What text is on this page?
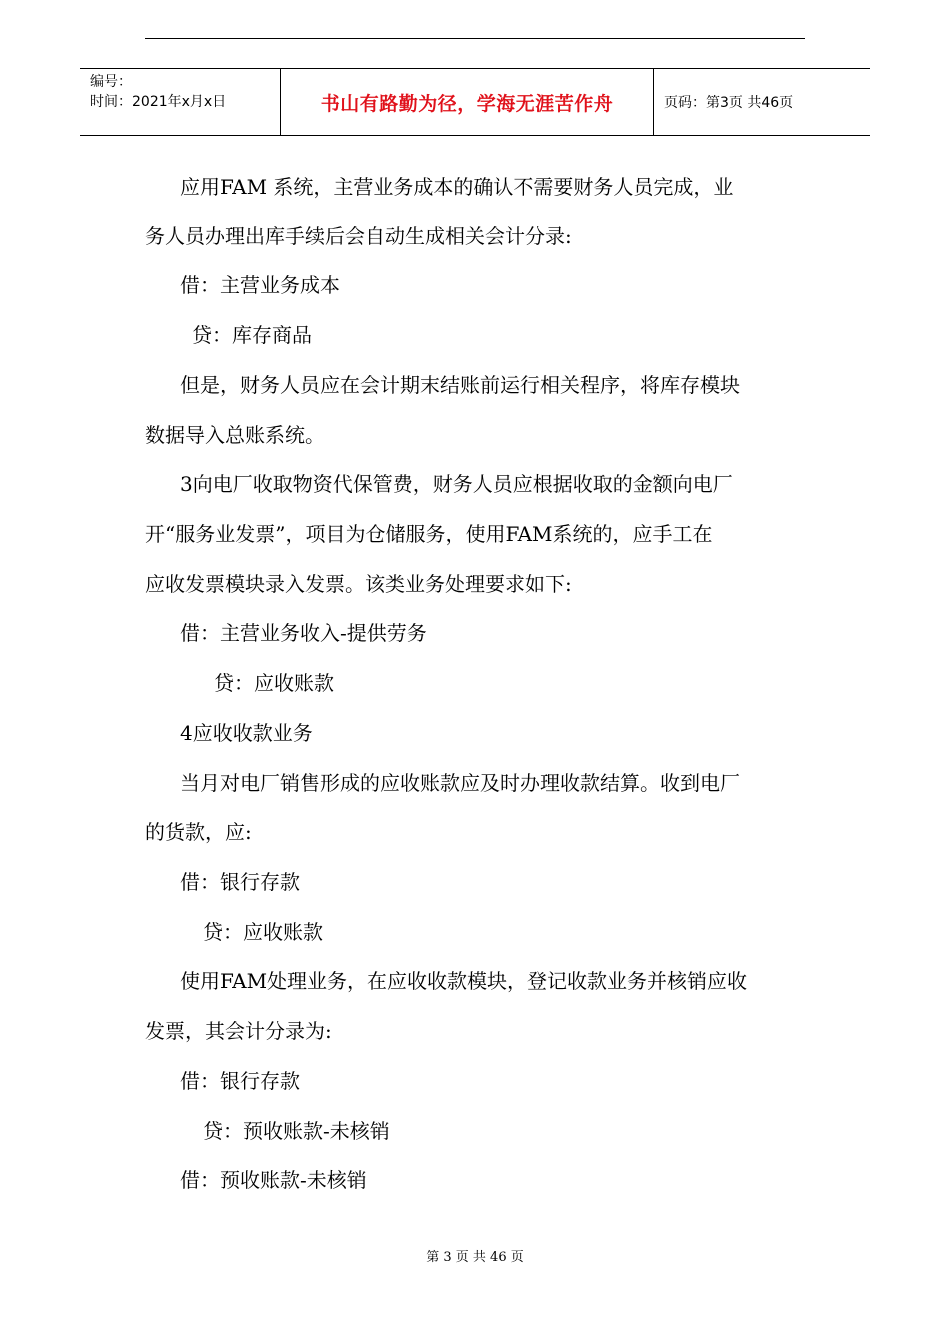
编号：
时间：2021年x月x日	书山有路勤为径，学海无涯苦作舟	页码：第3页 共46页
应用FAM 系统，主营业务成本的确认不需要财务人员完成，业
务人员办理出库手续后会自动生成相关会计分录:
借：主营业务成本
贷：库存商品
但是，财务人员应在会计期末结账前运行相关程序，将库存模块
数据导入总账系统。
3向电厂收取物资代保管费，财务人员应根据收取的金额向电厂
开“服务业发票”，项目为仓储服务，使用FAM系统的，应手工在
应收发票模块录入发票。该类业务处理要求如下:
借：主营业务收入-提供劳务
贷：应收账款
4应收收款业务
当月对电厂销售形成的应收账款应及时办理收款结算。收到电厂
的货款，应:
借：银行存款
贷：应收账款
使用FAM处理业务，在应收收款模块，登记收款业务并核销应收
发票，其会计分录为:
借：银行存款
贷：预收账款-未核销
借：预收账款-未核销
第 3 页 共 46 页
